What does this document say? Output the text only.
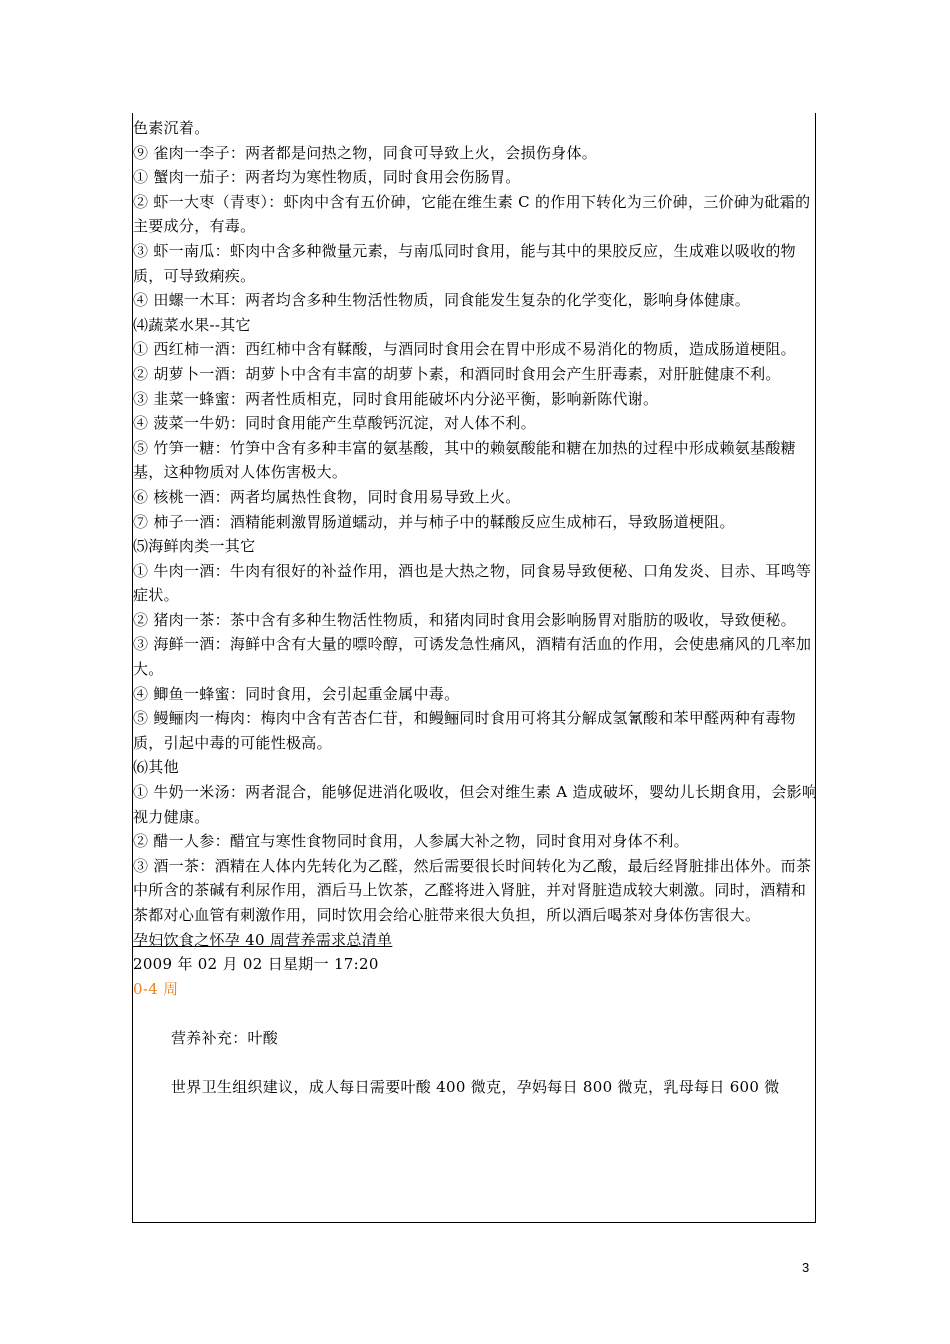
色素沉着。

⑨ 雀肉一李子：两者都是问热之物，同食可导致上火，会损伤身体。

① 蟹肉一茄子：两者均为寒性物质，同时食用会伤肠胃。

② 虾一大枣（青枣）：虾肉中含有五价砷，它能在维生素 C 的作用下转化为三价砷，三价砷为砒霜的主要成分，有毒。

③ 虾一南瓜：虾肉中含多种微量元素，与南瓜同时食用，能与其中的果胶反应，生成难以吸收的物质，可导致痢疾。

④ 田螺一木耳：两者均含多种生物活性物质，同食能发生复杂的化学变化，影响身体健康。

⑷蔬菜水果--其它

① 西红柿一酒：西红柿中含有鞣酸，与酒同时食用会在胃中形成不易消化的物质，造成肠道梗阻。

② 胡萝卜一酒：胡萝卜中含有丰富的胡萝卜素，和酒同时食用会产生肝毒素，对肝脏健康不利。

③ 韭菜一蜂蜜：两者性质相克，同时食用能破坏内分泌平衡，影响新陈代谢。

④ 菠菜一牛奶：同时食用能产生草酸钙沉淀，对人体不利。

⑤ 竹笋一糖：竹笋中含有多种丰富的氨基酸，其中的赖氨酸能和糖在加热的过程中形成赖氨基酸糖基，这种物质对人体伤害极大。

⑥ 核桃一酒：两者均属热性食物，同时食用易导致上火。

⑦ 柿子一酒：酒精能刺激胃肠道蠕动，并与柿子中的鞣酸反应生成柿石，导致肠道梗阻。

⑸海鲜肉类一其它

① 牛肉一酒：牛肉有很好的补益作用，酒也是大热之物，同食易导致便秘、口角发炎、目赤、耳鸣等症状。

② 猪肉一茶：茶中含有多种生物活性物质，和猪肉同时食用会影响肠胃对脂肪的吸收，导致便秘。

③ 海鲜一酒：海鲜中含有大量的嘌呤醇，可诱发急性痛风，酒精有活血的作用，会使患痛风的几率加大。

④ 鲫鱼一蜂蜜：同时食用，会引起重金属中毒。

⑤ 鳗鲡肉一梅肉：梅肉中含有苦杏仁苷，和鳗鲡同时食用可将其分解成氢氰酸和苯甲醛两种有毒物质，引起中毒的可能性极高。

⑹其他

① 牛奶一米汤：两者混合，能够促进消化吸收，但会对维生素 A 造成破坏，婴幼儿长期食用，会影响视力健康。

② 醋一人参：醋宜与寒性食物同时食用，人参属大补之物，同时食用对身体不利。

③ 酒一茶：酒精在人体内先转化为乙醛，然后需要很长时间转化为乙酸，最后经肾脏排出体外。而茶中所含的茶碱有利尿作用，酒后马上饮茶，乙醛将进入肾脏，并对肾脏造成较大刺激。同时，酒精和茶都对心血管有刺激作用，同时饮用会给心脏带来很大负担，所以酒后喝茶对身体伤害很大。

孕妇饮食之怀孕 40 周营养需求总清单

2009 年 02 月 02 日星期一 17:20

0-4 周

营养补充：叶酸

世界卫生组织建议，成人每日需要叶酸 400 微克，孕妈每日 800 微克，乳母每日 600 微

3
